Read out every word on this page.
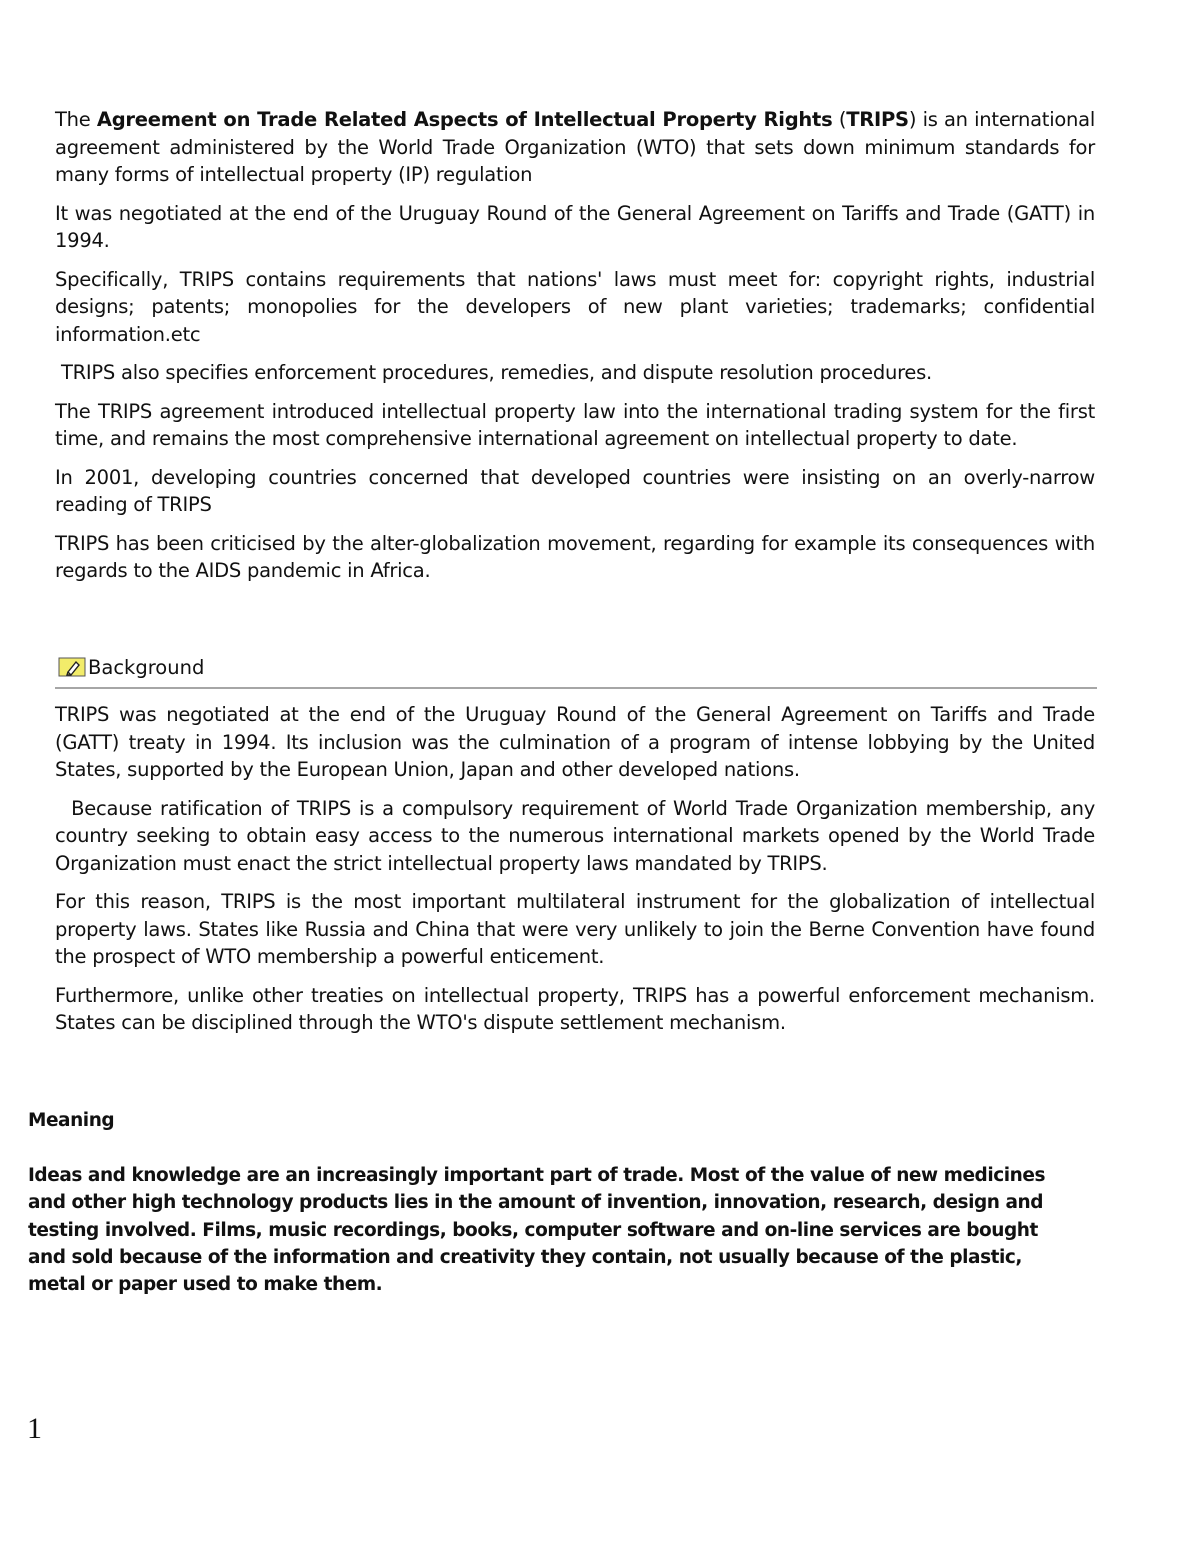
The Agreement on Trade Related Aspects of Intellectual Property Rights (TRIPS) is an international agreement administered by the World Trade Organization (WTO) that sets down minimum standards for many forms of intellectual property (IP) regulation

It was negotiated at the end of the Uruguay Round of the General Agreement on Tariffs and Trade (GATT) in 1994.

Specifically, TRIPS contains requirements that nations' laws must meet for: copyright rights, industrial designs; patents; monopolies for the developers of new plant varieties; trademarks; confidential information.etc

TRIPS also specifies enforcement procedures, remedies, and dispute resolution procedures.

The TRIPS agreement introduced intellectual property law into the international trading system for the first time, and remains the most comprehensive international agreement on intellectual property to date.

In 2001, developing countries concerned that developed countries were insisting on an overly-narrow reading of TRIPS

TRIPS has been criticised by the alter-globalization movement, regarding for example its consequences with regards to the AIDS pandemic in Africa.

Background

TRIPS was negotiated at the end of the Uruguay Round of the General Agreement on Tariffs and Trade (GATT) treaty in 1994. Its inclusion was the culmination of a program of intense lobbying by the United States, supported by the European Union, Japan and other developed nations.

Because ratification of TRIPS is a compulsory requirement of World Trade Organization membership, any country seeking to obtain easy access to the numerous international markets opened by the World Trade Organization must enact the strict intellectual property laws mandated by TRIPS.

For this reason, TRIPS is the most important multilateral instrument for the globalization of intellectual property laws. States like Russia and China that were very unlikely to join the Berne Convention have found the prospect of WTO membership a powerful enticement.

Furthermore, unlike other treaties on intellectual property, TRIPS has a powerful enforcement mechanism. States can be disciplined through the WTO's dispute settlement mechanism.

Meaning
Ideas and knowledge are an increasingly important part of trade. Most of the value of new medicines and other high technology products lies in the amount of invention, innovation, research, design and testing involved. Films, music recordings, books, computer software and on-line services are bought and sold because of the information and creativity they contain, not usually because of the plastic, metal or paper used to make them.
1
